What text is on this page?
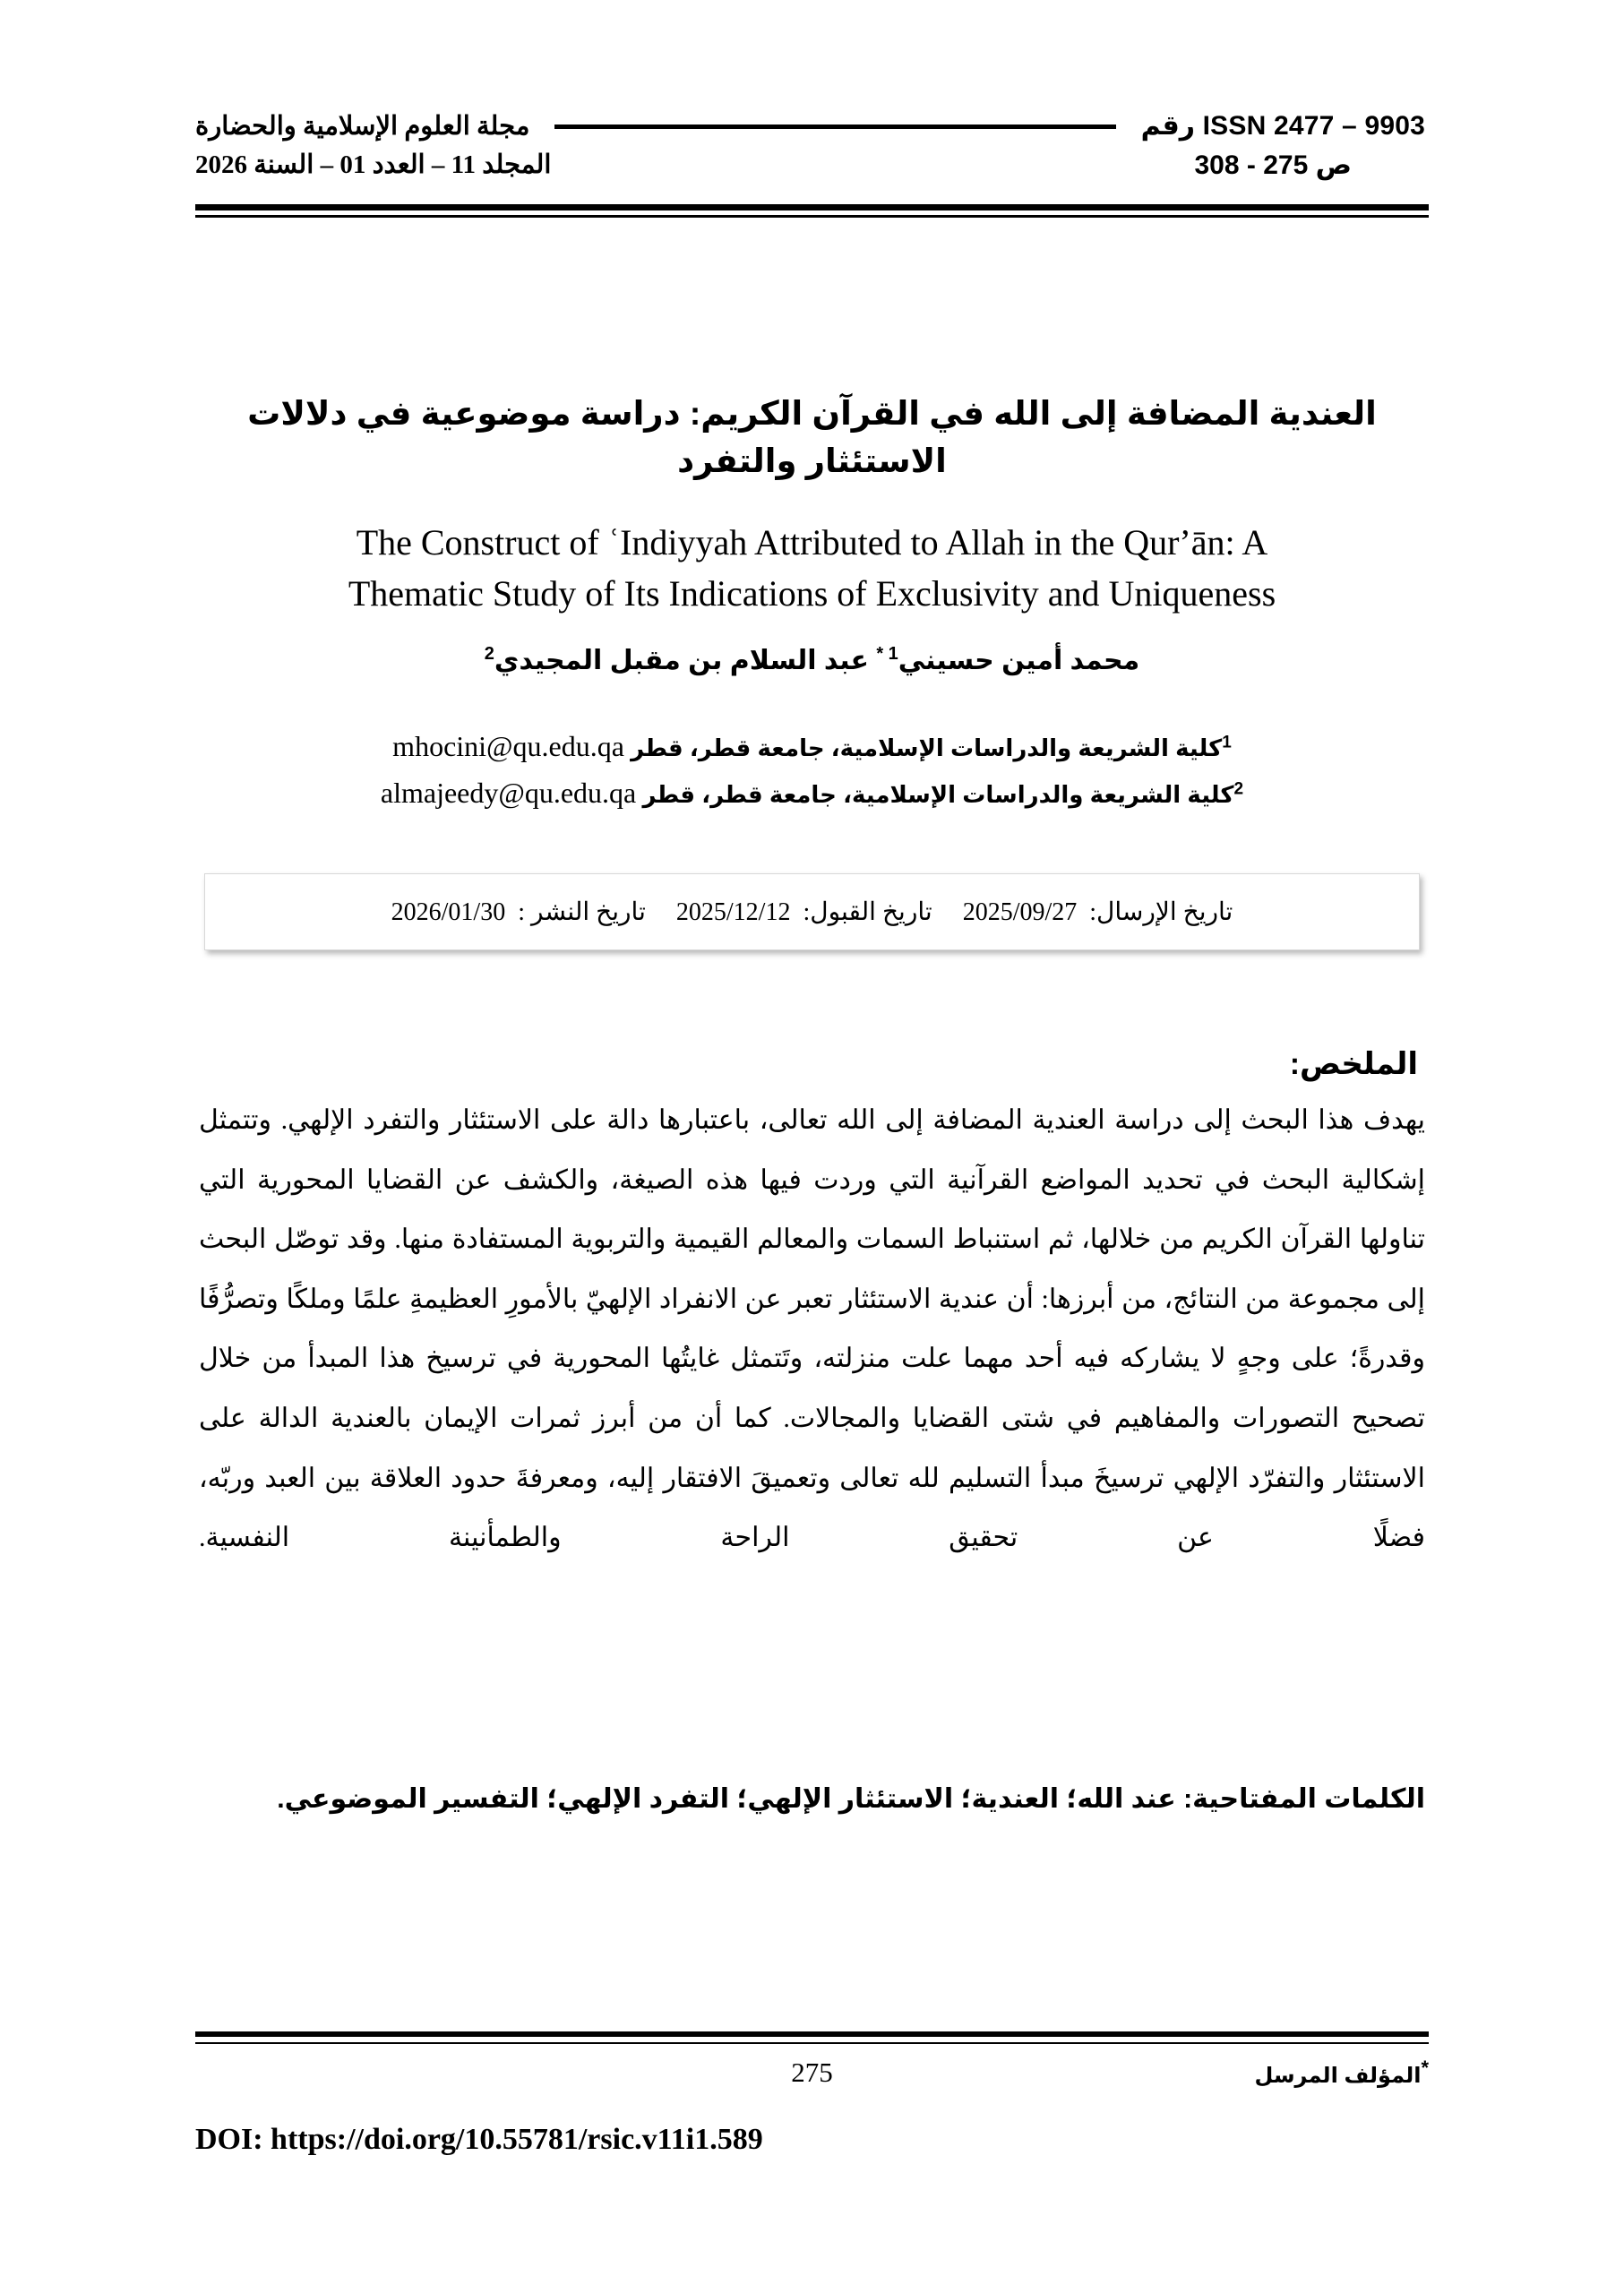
ISSN 2477 – 9903 رقم
مجلة العلوم الإسلامية والحضارة
ص 275 - 308
المجلد 11 – العدد 01 – السنة 2026
العندية المضافة إلى الله في القرآن الكريم: دراسة موضوعية في دلالات الاستئثار والتفرد
The Construct of ʿIndiyyah Attributed to Allah in the Qurʼān: A
Thematic Study of Its Indications of Exclusivity and Uniqueness
محمد أمين حسيني$^{1 *}$ عبد السلام بن مقبل المجيدي$^2$
$^1$كلية الشريعة والدراسات الإسلامية، جامعة قطر، قطر mhocini@qu.edu.qa
$^2$كلية الشريعة والدراسات الإسلامية، جامعة قطر، قطر almajeedy@qu.edu.qa
تاريخ الإرسال:2025/09/27تاريخ القبول:2025/12/12تاريخ النشر :2026/01/30
الملخص:

يهدف هذا البحث إلى دراسة العندية المضافة إلى الله تعالى، باعتبارها دالة على الاستئثار والتفرد الإلهي. وتتمثل إشكالية البحث في تحديد المواضع القرآنية التي وردت فيها هذه الصيغة، والكشف عن القضايا المحورية التي تناولها القرآن الكريم من خلالها، ثم استنباط السمات والمعالم القيمية والتربوية المستفادة منها. وقد توصّل البحث إلى مجموعة من النتائج، من أبرزها: أن عندية الاستئثار تعبر عن الانفراد الإلهيّ بالأمورِ العظيمةِ علمًا وملكًا وتصرُّفًا وقدرةً؛ على وجهٍ لا يشاركه فيه أحد مهما علت منزلته، وتَتمثل غايتُها المحورية في ترسيخ هذا المبدأ من خلال تصحيح التصورات والمفاهيم في شتى القضايا والمجالات. كما أن من أبرز ثمرات الإيمان بالعندية الدالة على الاستئثار والتفرّد الإلهي ترسيخَ مبدأ التسليم لله تعالى وتعميقَ الافتقار إليه، ومعرفةَ حدود العلاقة بين العبد وربّه، فضلًا عن تحقيق الراحة والطمأنينة النفسية.

الكلمات المفتاحية: عند الله؛ العندية؛ الاستئثار الإلهي؛ التفرد الإلهي؛ التفسير الموضوعي.
*المؤلف المرسل
275
DOI: https://doi.org/10.55781/rsic.v11i1.589
